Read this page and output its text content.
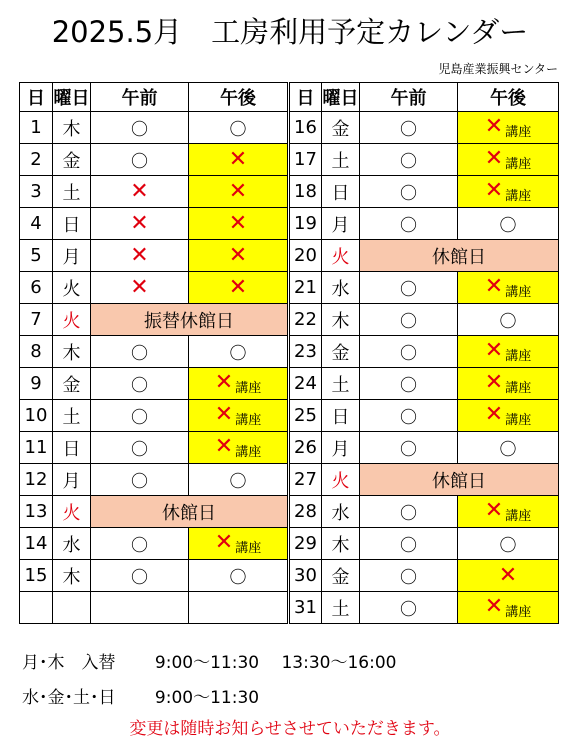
2025.5月　工房利用予定カレンダー
児島産業振興センター
日	曜日	午前	午後	日	曜日	午前	午後
1	木	〇	〇	16	金	〇	✕ 講座
2	金	〇	✕	17	土	〇	✕ 講座
3	土	✕	✕	18	日	〇	✕ 講座
4	日	✕	✕	19	月	〇	〇
5	月	✕	✕	20	火	休館日	
6	火	✕	✕	21	水	〇	✕ 講座
7	火	振替休館日		22	木	〇	〇
8	木	〇	〇	23	金	〇	✕ 講座
9	金	〇	✕ 講座	24	土	〇	✕ 講座
10	土	〇	✕ 講座	25	日	〇	✕ 講座
11	日	〇	✕ 講座	26	月	〇	〇
12	月	〇	〇	27	火	休館日	
13	火	休館日		28	水	〇	✕ 講座
14	水	〇	✕ 講座	29	木	〇	〇
15	木	〇	〇	30	金	〇	✕
				31	土	〇	✕ 講座
月･木　入替　　 9:00～11:30　 13:30～16:00
水･金･土･日　　 9:00～11:30
変更は随時お知らせさせていただきます。
